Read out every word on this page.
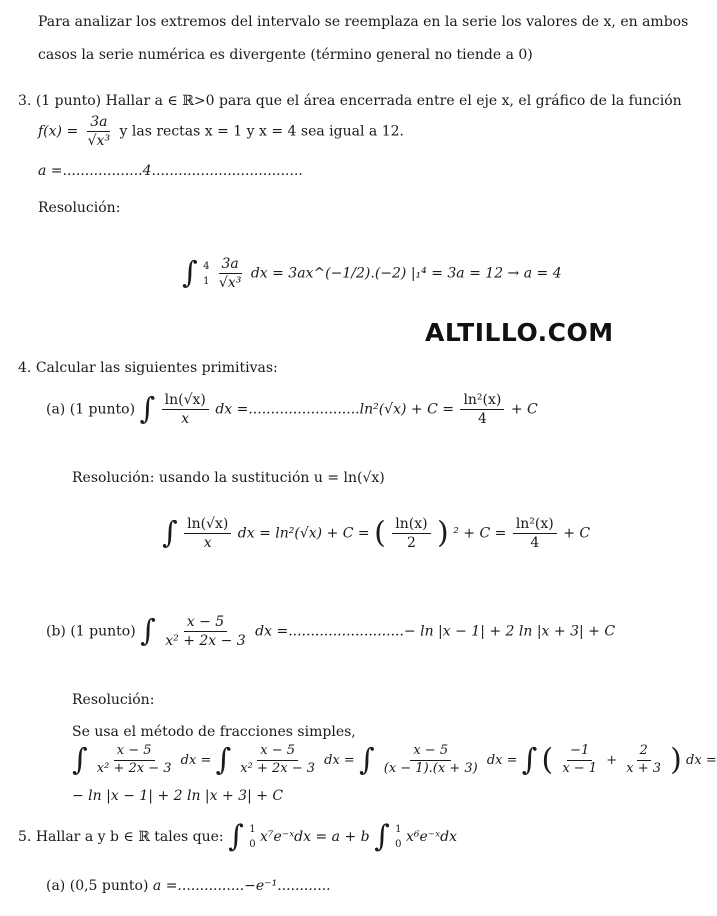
Para analizar los extremos del intervalo se reemplaza en la serie los valores de x, en ambos
casos la serie numérica es divergente (término general no tiende a 0)
3. (1 punto) Hallar a ∈ ℝ>0 para que el área encerrada entre el eje x, el gráfico de la función
$f(x) = \frac{3a}{\text{√x³}}$ y las rectas x = 1 y x = 4 sea igual a 12.
a =..................4..................................
Resolución:
∫ 4
1
$\frac{3a}{\text{√x³}}$ dx = 3ax^(−1/2).(−2) |₁⁴ = 3a = 12 → a = 4
ALTILLO.COM
4. Calcular las siguientes primitivas:
(a) (1 punto) ∫ $\frac{\ln(√x)}{x}$ dx $=.........................\ln^2(√x) + C = \frac{\text{ln²(x)}}{4} + C$
Resolución: usando la sustitución u = ln(√x)
∫ $\frac{\ln(√x)}{x}$ dx = ln²(√x) + C = ( $\frac{\ln(x)}{2}$ ) $^2 + C = \frac{\text{ln²(x)}}{4} + C$
(b) (1 punto) ∫ $\frac{x - 5}{\text{x² + 2x − 3}}$ dx =..........................− ln |x − 1| + 2 ln |x + 3| + C
Resolución:
Se usa el método de fracciones simples,
∫ $\frac{x - 5}{\text{x² + 2x − 3}}$ dx = ∫ $\frac{x - 5}{\text{x² + 2x − 3}}$ dx = ∫ $\frac{x - 5}{(x - 1).(x + 3)}$ dx = ∫ ( $\frac{-1}{x - 1} + \frac{2}{x + 3}$ ) dx =
− ln |x − 1| + 2 ln |x + 3| + C
5. Hallar a y b ∈ ℝ tales que: ∫ 1
0 x⁷e⁻ˣdx = a + b ∫ 1
0 x⁶e⁻ˣdx
(a) (0,5 punto) a =...............−e⁻¹............
